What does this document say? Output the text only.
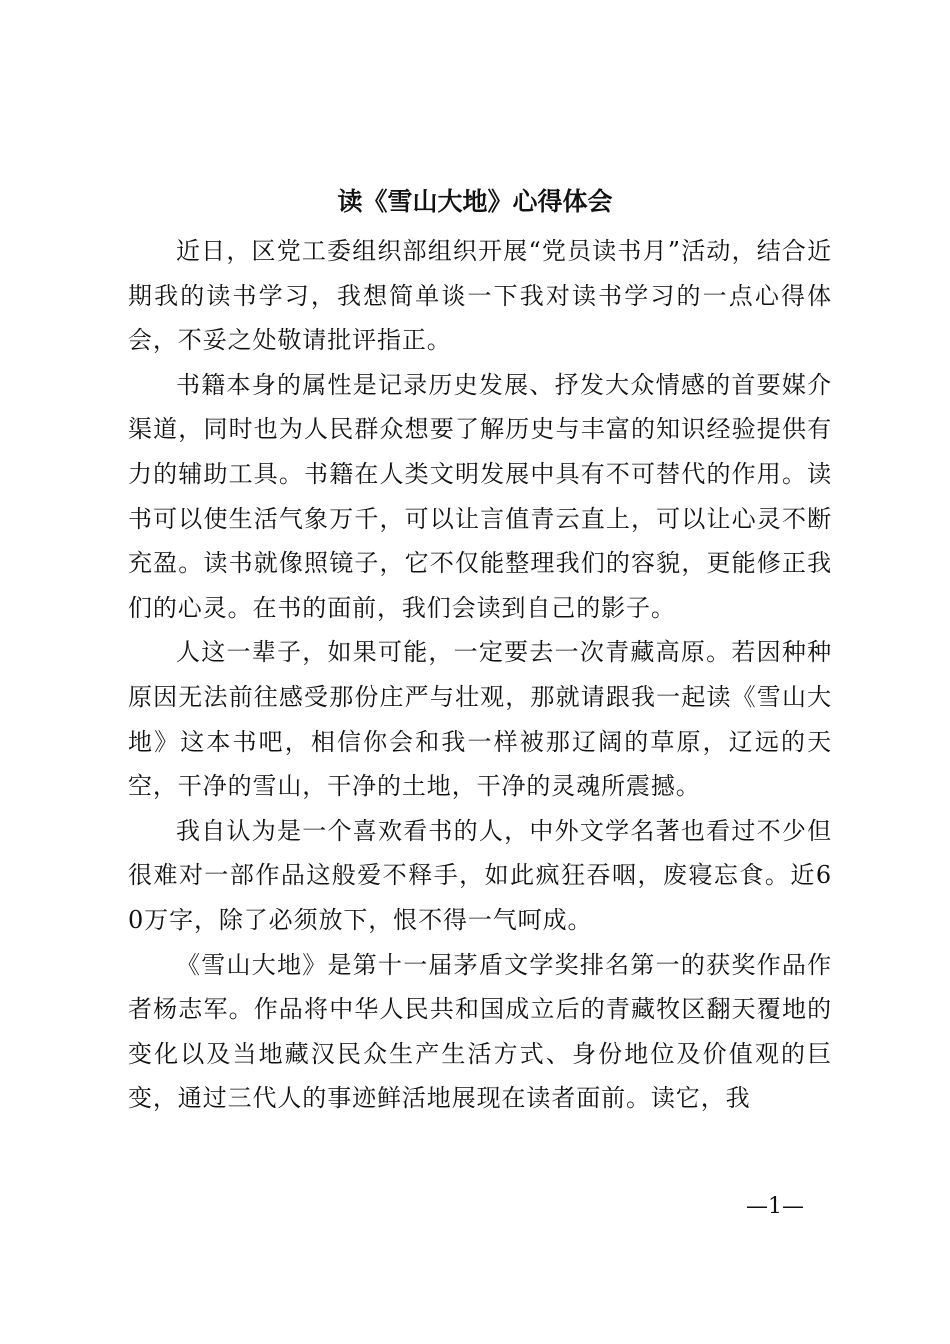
读《雪山大地》心得体会

近日，区党工委组织部组织开展“党员读书月”活动，结合近期我的读书学习，我想简单谈一下我对读书学习的一点心得体会，不妥之处敬请批评指正。

书籍本身的属性是记录历史发展、抒发大众情感的首要媒介渠道，同时也为人民群众想要了解历史与丰富的知识经验提供有力的辅助工具。书籍在人类文明发展中具有不可替代的作用。读书可以使生活气象万千，可以让言值青云直上，可以让心灵不断充盈。读书就像照镜子，它不仅能整理我们的容貌，更能修正我们的心灵。在书的面前，我们会读到自己的影子。

人这一辈子，如果可能，一定要去一次青藏高原。若因种种原因无法前往感受那份庄严与壮观，那就请跟我一起读《雪山大地》这本书吧，相信你会和我一样被那辽阔的草原，辽远的天空，干净的雪山，干净的土地，干净的灵魂所震撼。

我自认为是一个喜欢看书的人，中外文学名著也看过不少但很难对一部作品这般爱不释手，如此疯狂吞咽，废寝忘食。近60万字，除了必须放下，恨不得一气呵成。

《雪山大地》是第十一届茅盾文学奖排名第一的获奖作品作者杨志军。作品将中华人民共和国成立后的青藏牧区翻天覆地的变化以及当地藏汉民众生产生活方式、身份地位及价值观的巨变，通过三代人的事迹鲜活地展现在读者面前。读它，我

—1—
